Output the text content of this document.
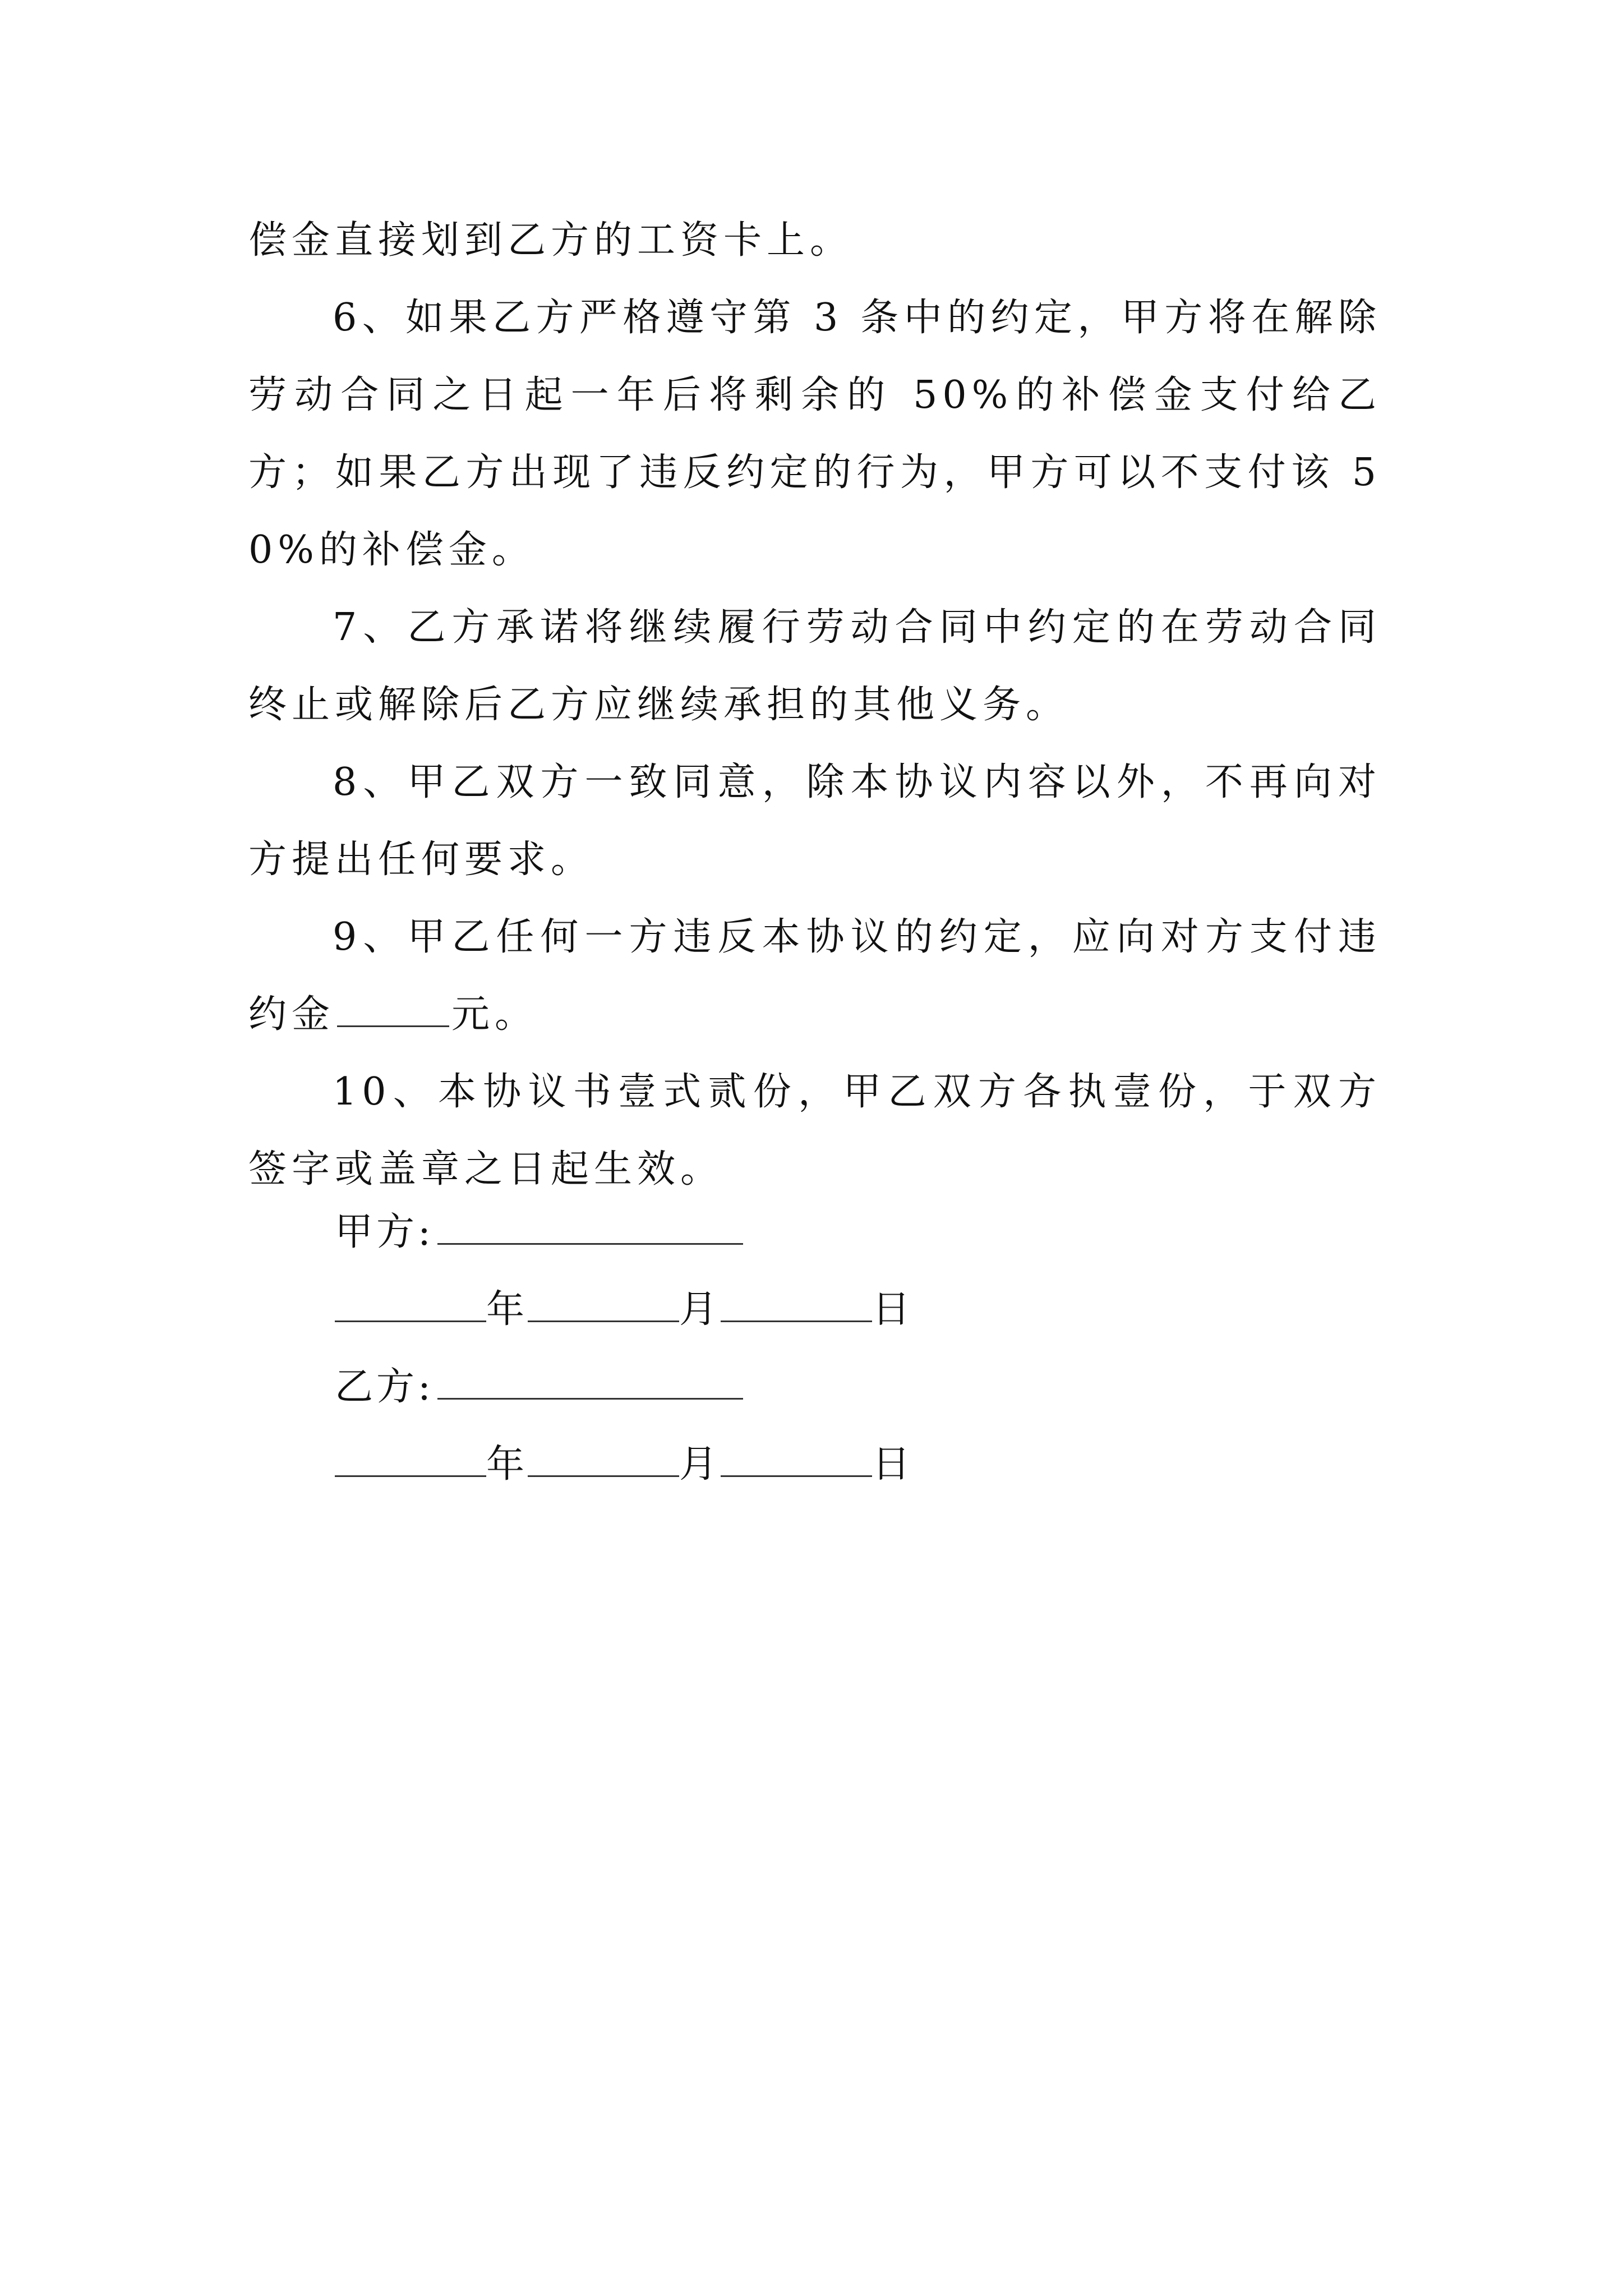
偿金直接划到乙方的工资卡上。

6、如果乙方严格遵守第 3 条中的约定，甲方将在解除劳动合同之日起一年后将剩余的 50%的补偿金支付给乙方；如果乙方出现了违反约定的行为，甲方可以不支付该 50%的补偿金。

7、乙方承诺将继续履行劳动合同中约定的在劳动合同终止或解除后乙方应继续承担的其他义务。

8、甲乙双方一致同意，除本协议内容以外，不再向对方提出任何要求。

9、甲乙任何一方违反本协议的约定，应向对方支付违约金	元。

10、本协议书壹式贰份，甲乙双方各执壹份，于双方签字或盖章之日起生效。

甲方:
年	月	日
乙方:
年	月	日
